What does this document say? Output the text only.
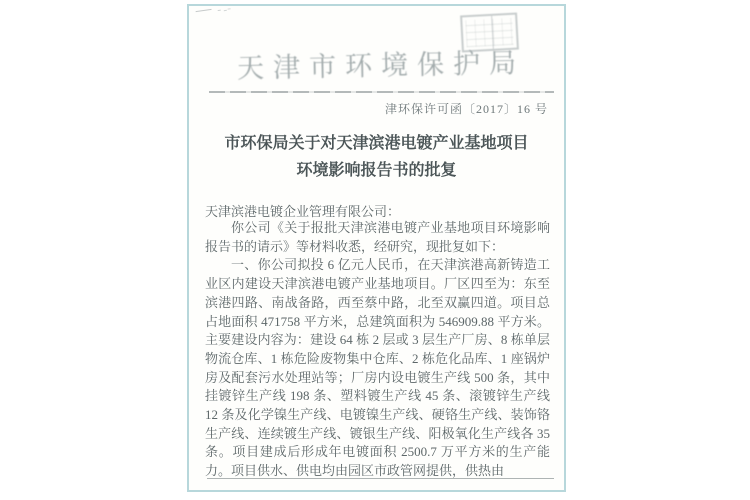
天津市环境保护局
津环保许可函〔2017〕16 号
市环保局关于对天津滨港电镀产业基地项目
环境影响报告书的批复
天津滨港电镀企业管理有限公司：

你公司《关于报批天津滨港电镀产业基地项目环境影响报告书的请示》等材料收悉，经研究，现批复如下：

一、你公司拟投 6 亿元人民币，在天津滨港高新铸造工业区内建设天津滨港电镀产业基地项目。厂区四至为：东至滨港四路、南战备路，西至蔡中路，北至双赢四道。项目总占地面积 471758 平方米，总建筑面积为 546909.88 平方米。主要建设内容为：建设 64 栋 2 层或 3 层生产厂房、8 栋单层物流仓库、1 栋危险废物集中仓库、2 栋危化品库、1 座锅炉房及配套污水处理站等；厂房内设电镀生产线 500 条，其中挂镀锌生产线 198 条、塑料镀生产线 45 条、滚镀锌生产线 12 条及化学镍生产线、电镀镍生产线、硬铬生产线、装饰铬生产线、连续镀生产线、镀银生产线、阳极氧化生产线各 35 条。项目建成后形成年电镀面积 2500.7 万平方米的生产能力。项目供水、供电均由园区市政管网提供，供热由
